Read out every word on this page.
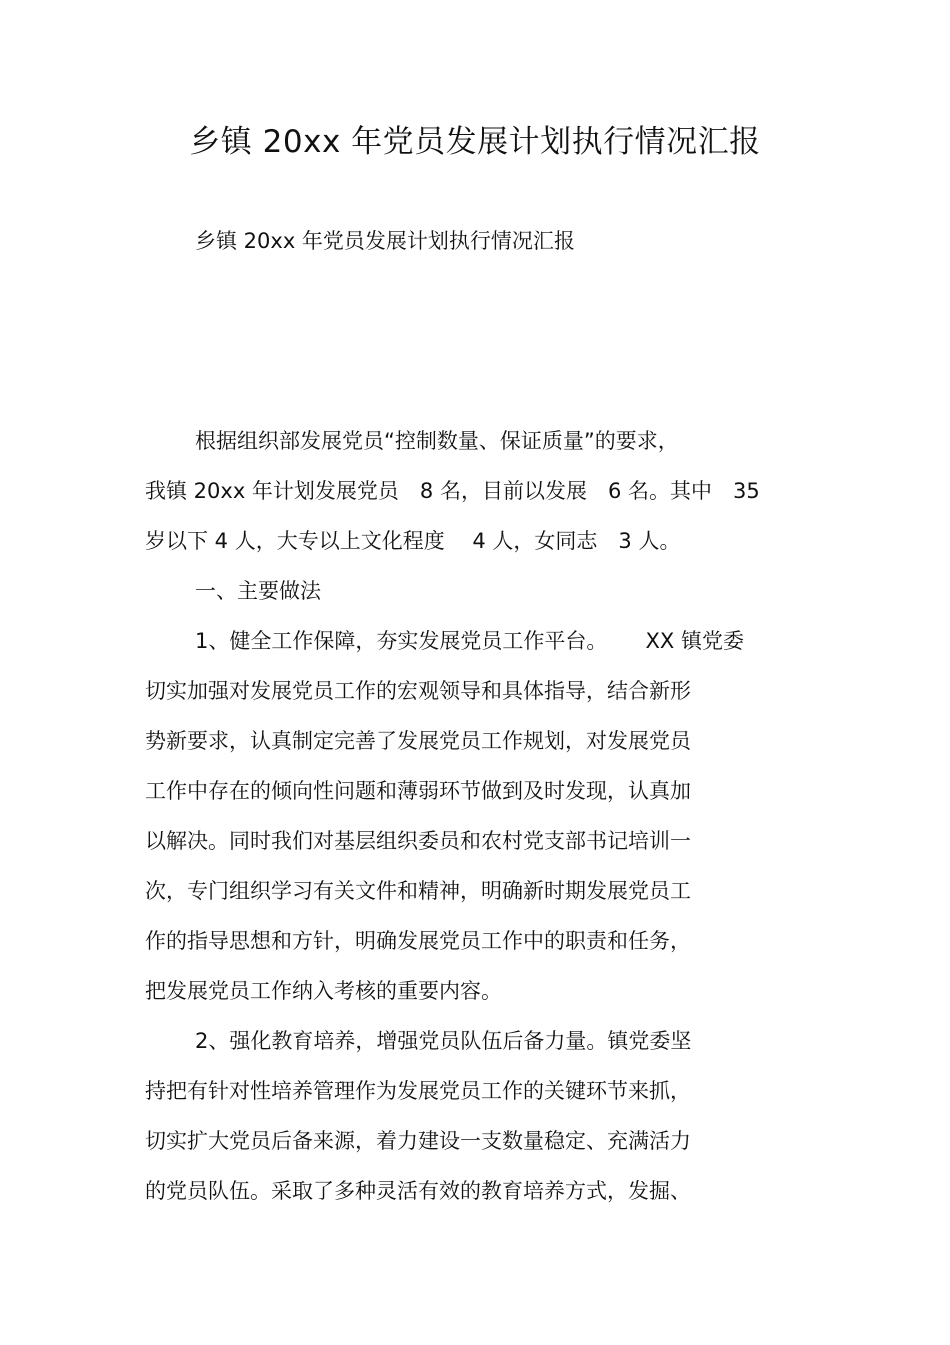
乡镇 20xx 年党员发展计划执行情况汇报
乡镇 20xx 年党员发展计划执行情况汇报
根据组织部发展党员“控制数量、保证质量”的要求，
我镇 20xx 年计划发展党员　8 名，目前以发展　6 名。其中　35
岁以下 4 人，大专以上文化程度　 4 人，女同志　3 人。
一、主要做法
1、健全工作保障，夯实发展党员工作平台。　　 XX 镇党委
切实加强对发展党员工作的宏观领导和具体指导，结合新形
势新要求，认真制定完善了发展党员工作规划，对发展党员
工作中存在的倾向性问题和薄弱环节做到及时发现，认真加
以解决。同时我们对基层组织委员和农村党支部书记培训一
次，专门组织学习有关文件和精神，明确新时期发展党员工
作的指导思想和方针，明确发展党员工作中的职责和任务，
把发展党员工作纳入考核的重要内容。
2、强化教育培养，增强党员队伍后备力量。镇党委坚
持把有针对性培养管理作为发展党员工作的关键环节来抓，
切实扩大党员后备来源，着力建设一支数量稳定、充满活力
的党员队伍。采取了多种灵活有效的教育培养方式，发掘、
